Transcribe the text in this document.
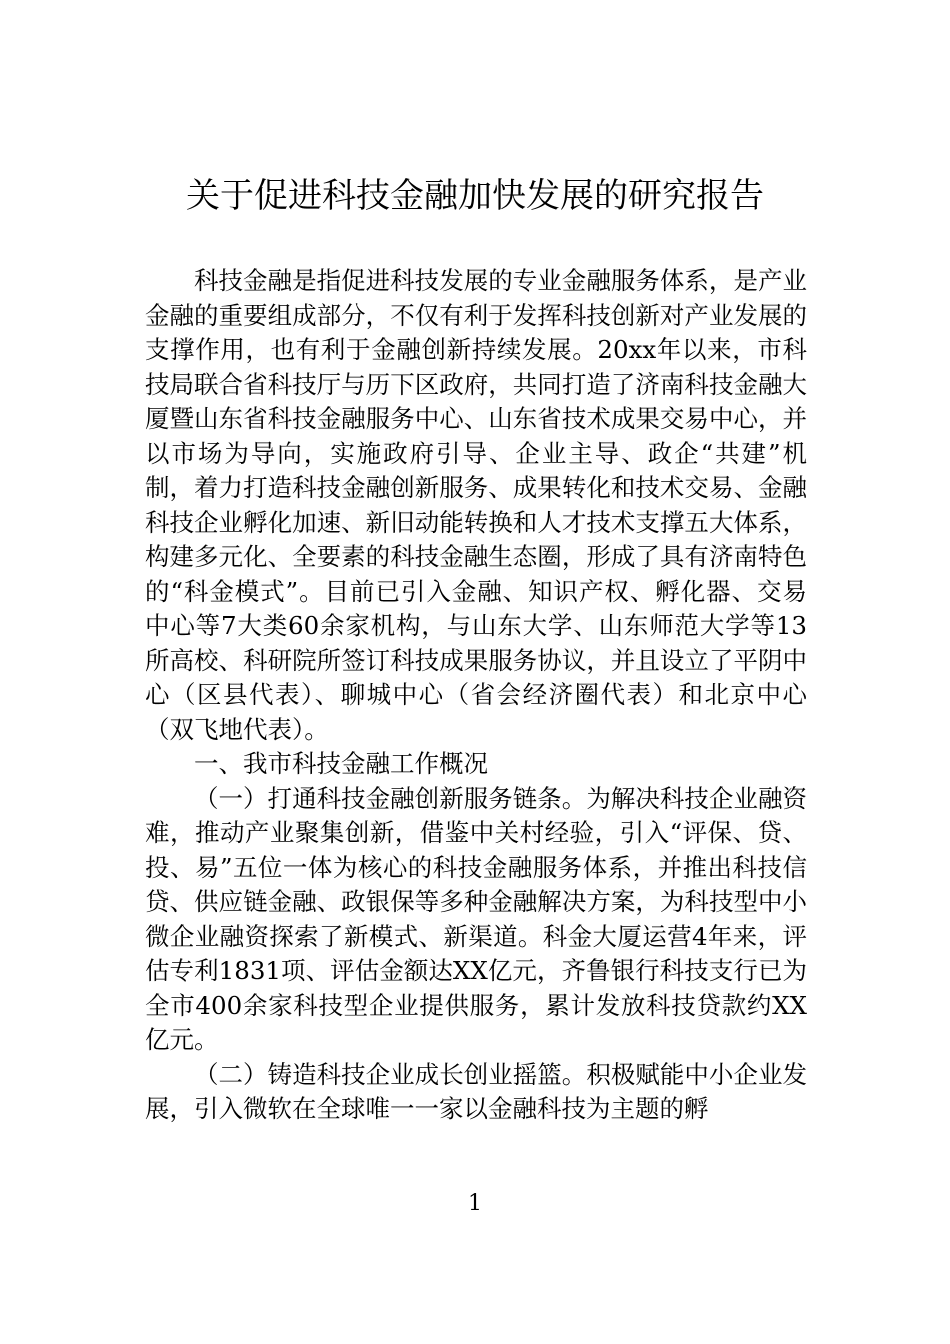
关于促进科技金融加快发展的研究报告

科技金融是指促进科技发展的专业金融服务体系，是产业金融的重要组成部分，不仅有利于发挥科技创新对产业发展的支撑作用，也有利于金融创新持续发展。20xx年以来，市科技局联合省科技厅与历下区政府，共同打造了济南科技金融大厦暨山东省科技金融服务中心、山东省技术成果交易中心，并以市场为导向，实施政府引导、企业主导、政企“共建”机制，着力打造科技金融创新服务、成果转化和技术交易、金融科技企业孵化加速、新旧动能转换和人才技术支撑五大体系，构建多元化、全要素的科技金融生态圈，形成了具有济南特色的“科金模式”。目前已引入金融、知识产权、孵化器、交易中心等7大类60余家机构，与山东大学、山东师范大学等13所高校、科研院所签订科技成果服务协议，并且设立了平阴中心（区县代表）、聊城中心（省会经济圈代表）和北京中心（双飞地代表）。

一、我市科技金融工作概况

（一）打通科技金融创新服务链条。为解决科技企业融资难，推动产业聚集创新，借鉴中关村经验，引入“评保、贷、投、易”五位一体为核心的科技金融服务体系，并推出科技信贷、供应链金融、政银保等多种金融解决方案，为科技型中小微企业融资探索了新模式、新渠道。科金大厦运营4年来，评估专利1831项、评估金额达XX亿元，齐鲁银行科技支行已为全市400余家科技型企业提供服务，累计发放科技贷款约XX亿元。

（二）铸造科技企业成长创业摇篮。积极赋能中小企业发展，引入微软在全球唯一一家以金融科技为主题的孵

1
